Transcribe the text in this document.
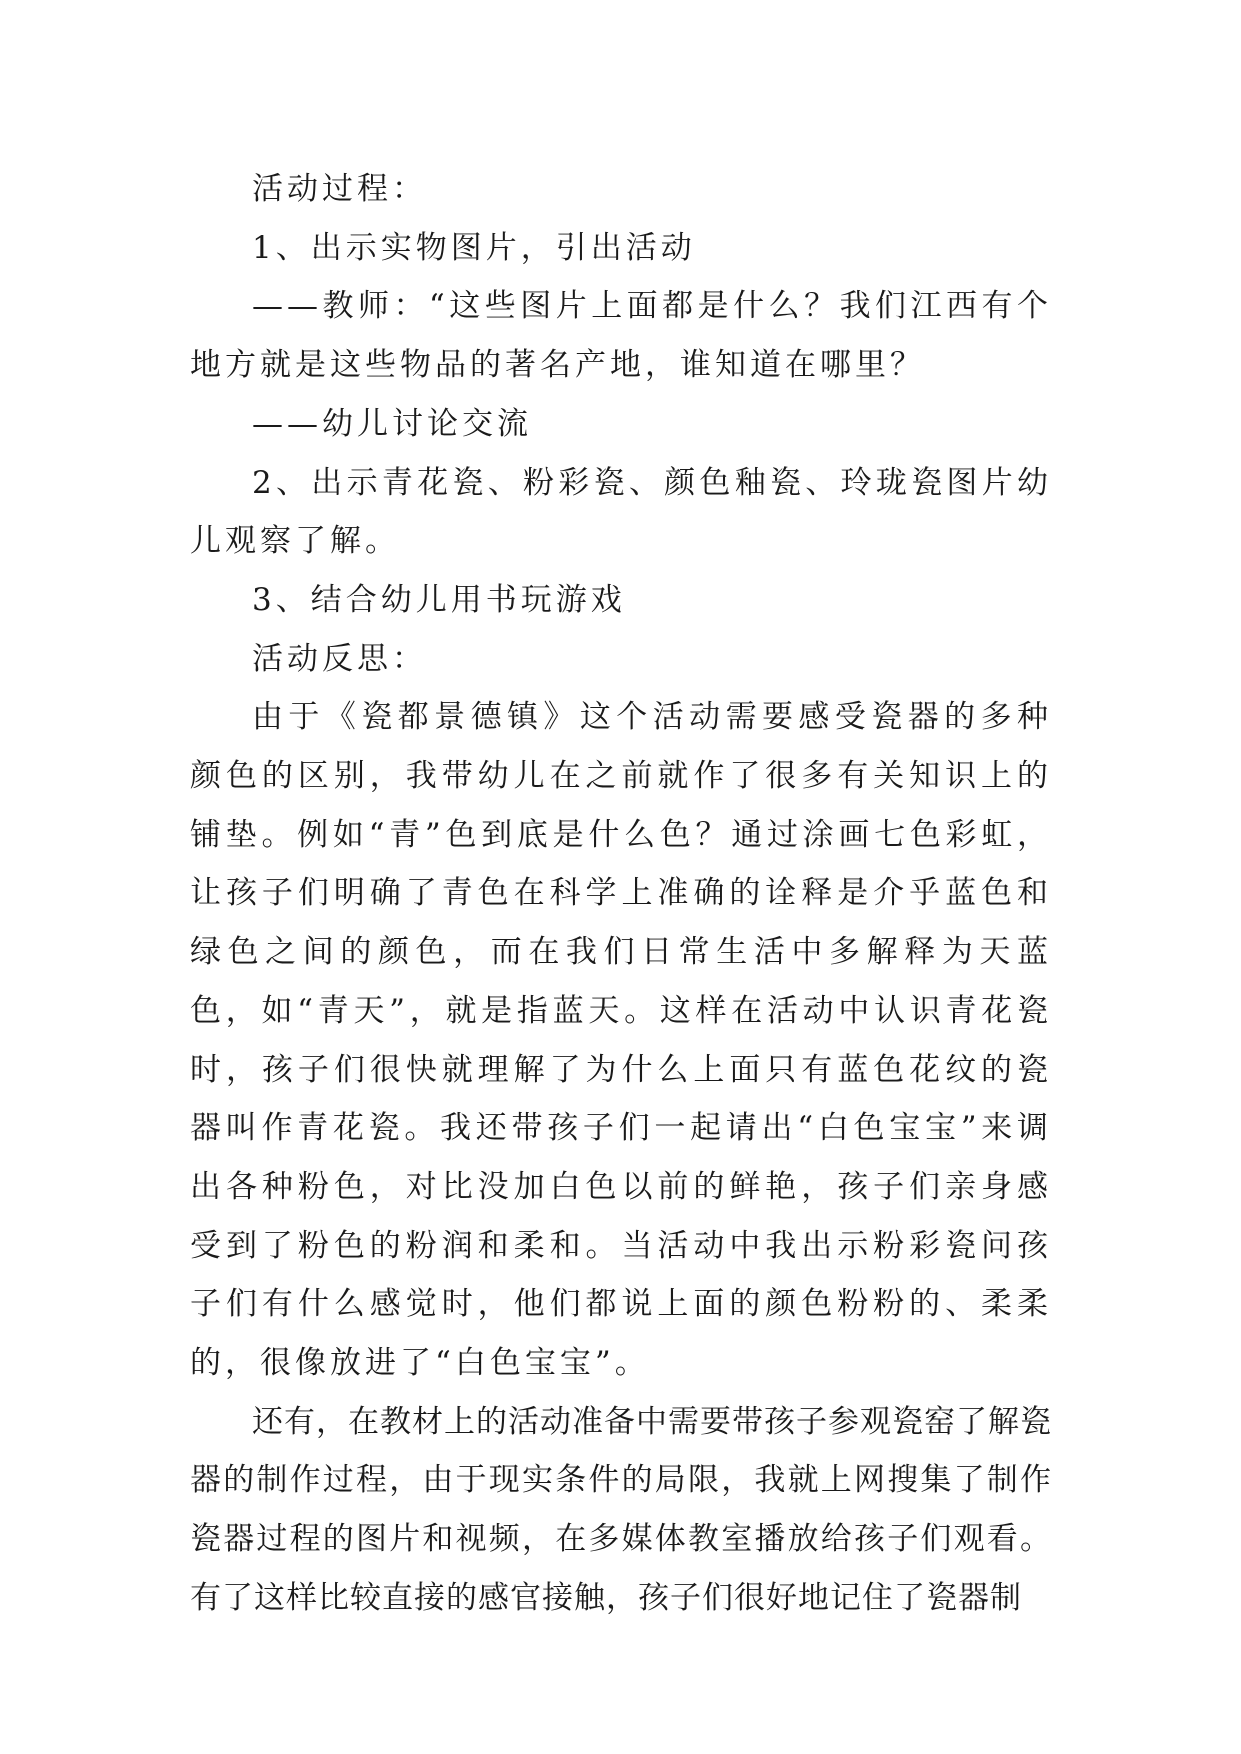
活动过程：

1、出示实物图片，引出活动

——教师：“这些图片上面都是什么？我们江西有个地方就是这些物品的著名产地，谁知道在哪里？

——幼儿讨论交流

2、出示青花瓷、粉彩瓷、颜色釉瓷、玲珑瓷图片幼儿观察了解。

3、结合幼儿用书玩游戏

活动反思：

由于《瓷都景德镇》这个活动需要感受瓷器的多种颜色的区别，我带幼儿在之前就作了很多有关知识上的铺垫。例如“青”色到底是什么色？通过涂画七色彩虹，让孩子们明确了青色在科学上准确的诠释是介乎蓝色和绿色之间的颜色，而在我们日常生活中多解释为天蓝色，如“青天”，就是指蓝天。这样在活动中认识青花瓷时，孩子们很快就理解了为什么上面只有蓝色花纹的瓷器叫作青花瓷。我还带孩子们一起请出“白色宝宝”来调出各种粉色，对比没加白色以前的鲜艳，孩子们亲身感受到了粉色的粉润和柔和。当活动中我出示粉彩瓷问孩子们有什么感觉时，他们都说上面的颜色粉粉的、柔柔的，很像放进了“白色宝宝”。

还有，在教材上的活动准备中需要带孩子参观瓷窑了解瓷器的制作过程，由于现实条件的局限，我就上网搜集了制作瓷器过程的图片和视频，在多媒体教室播放给孩子们观看。有了这样比较直接的感官接触，孩子们很好地记住了瓷器制
